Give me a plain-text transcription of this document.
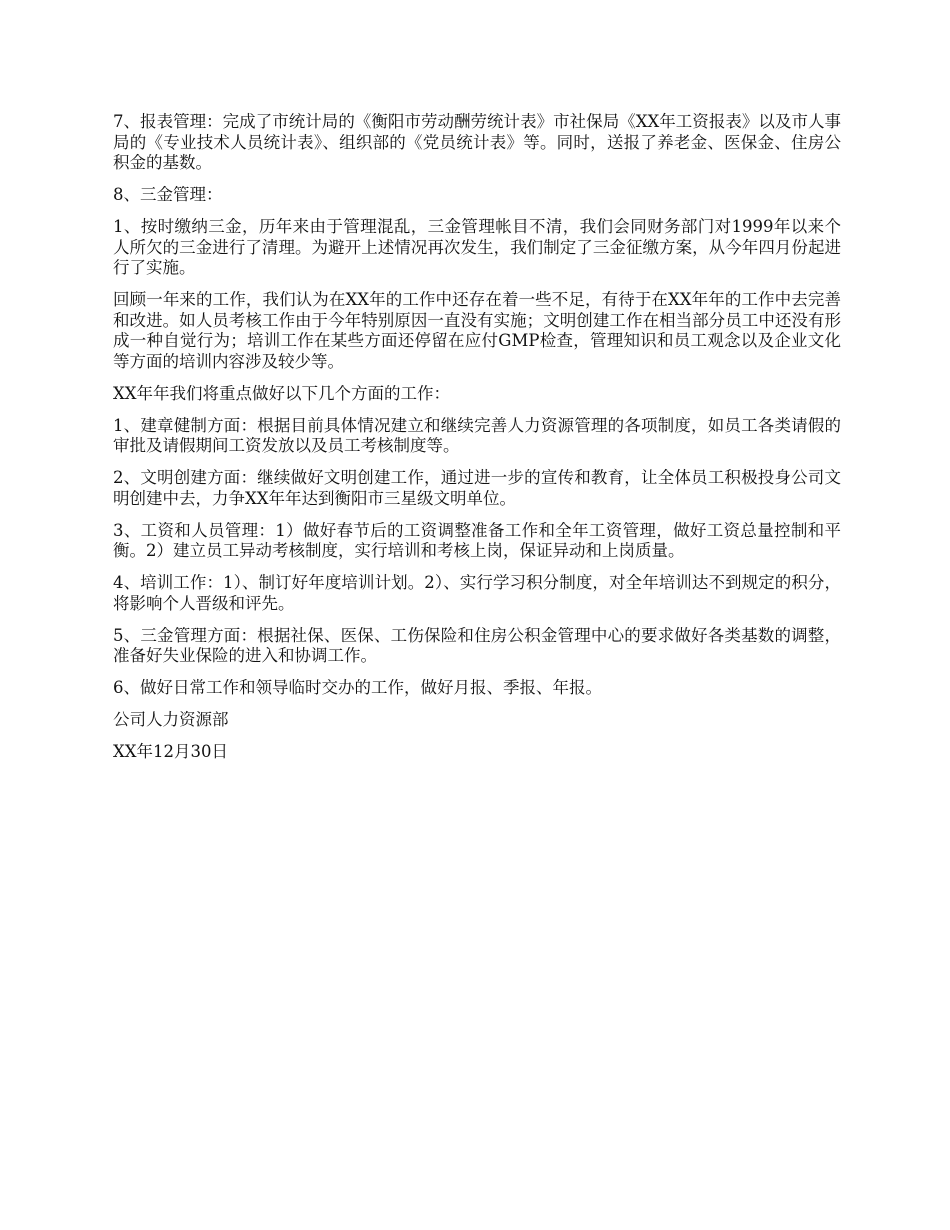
7、报表管理：完成了市统计局的《衡阳市劳动酬劳统计表》市社保局《XX年工资报表》以及市人事局的《专业技术人员统计表》、组织部的《党员统计表》等。同时，送报了养老金、医保金、住房公积金的基数。

8、三金管理：

1、按时缴纳三金，历年来由于管理混乱，三金管理帐目不清，我们会同财务部门对1999年以来个人所欠的三金进行了清理。为避开上述情况再次发生，我们制定了三金征缴方案，从今年四月份起进行了实施。

回顾一年来的工作，我们认为在XX年的工作中还存在着一些不足，有待于在XX年年的工作中去完善和改进。如人员考核工作由于今年特别原因一直没有实施；文明创建工作在相当部分员工中还没有形成一种自觉行为；培训工作在某些方面还停留在应付GMP检查，管理知识和员工观念以及企业文化等方面的培训内容涉及较少等。

XX年年我们将重点做好以下几个方面的工作：

1、建章健制方面：根据目前具体情况建立和继续完善人力资源管理的各项制度，如员工各类请假的审批及请假期间工资发放以及员工考核制度等。

2、文明创建方面：继续做好文明创建工作，通过进一步的宣传和教育，让全体员工积极投身公司文明创建中去，力争XX年年达到衡阳市三星级文明单位。

3、工资和人员管理：1）做好春节后的工资调整准备工作和全年工资管理，做好工资总量控制和平衡。2）建立员工异动考核制度，实行培训和考核上岗，保证异动和上岗质量。

4、培训工作：1）、制订好年度培训计划。2）、实行学习积分制度，对全年培训达不到规定的积分，将影响个人晋级和评先。

5、三金管理方面：根据社保、医保、工伤保险和住房公积金管理中心的要求做好各类基数的调整，准备好失业保险的进入和协调工作。

6、做好日常工作和领导临时交办的工作，做好月报、季报、年报。

公司人力资源部

XX年12月30日
